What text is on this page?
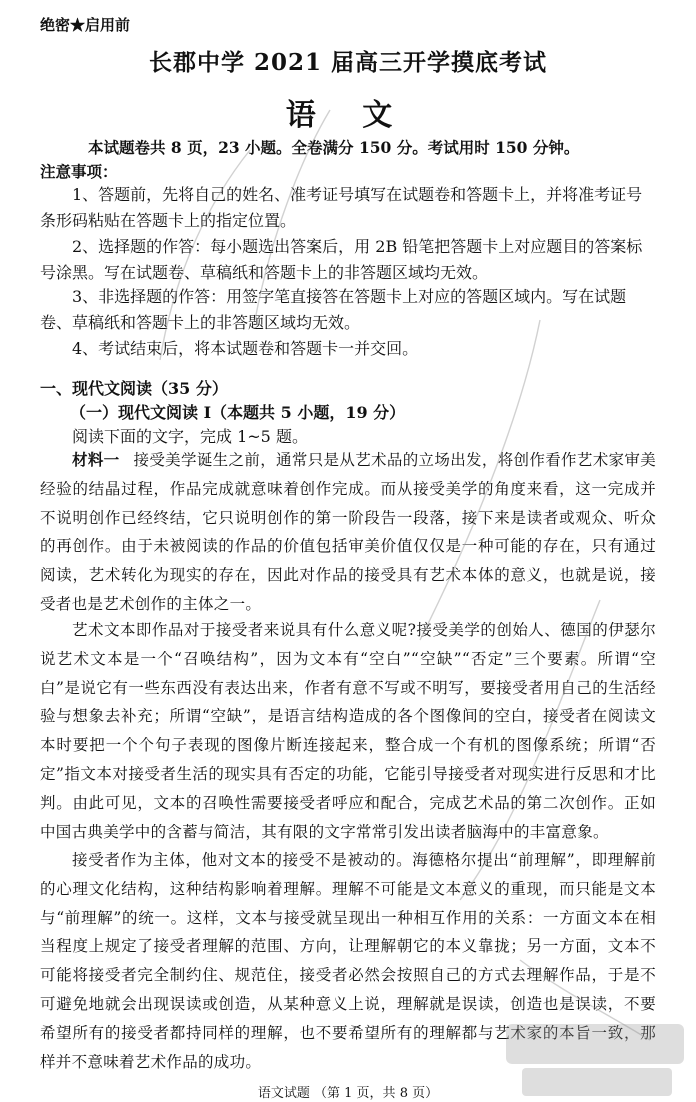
绝密★启用前
长郡中学 2021 届高三开学摸底考试
语 文
本试题卷共 8 页，23 小题。全卷满分 150 分。考试用时 150 分钟。
注意事项：
1、答题前，先将自己的姓名、准考证号填写在试题卷和答题卡上，并将准考证号条形码粘贴在答题卡上的指定位置。
2、选择题的作答：每小题选出答案后，用 2B 铅笔把答题卡上对应题目的答案标号涂黑。写在试题卷、草稿纸和答题卡上的非答题区域均无效。
3、非选择题的作答：用签字笔直接答在答题卡上对应的答题区域内。写在试题卷、草稿纸和答题卡上的非答题区域均无效。
4、考试结束后，将本试题卷和答题卡一并交回。
一、现代文阅读（35 分）
（一）现代文阅读 I（本题共 5 小题，19 分）
阅读下面的文字，完成 1~5 题。
材料一 接受美学诞生之前，通常只是从艺术品的立场出发，将创作看作艺术家审美经验的结晶过程，作品完成就意味着创作完成。而从接受美学的角度来看，这一完成并不说明创作已经终结，它只说明创作的第一阶段告一段落，接下来是读者或观众、听众的再创作。由于未被阅读的作品的价值包括审美价值仅仅是一种可能的存在，只有通过阅读，艺术转化为现实的存在，因此对作品的接受具有艺术本体的意义，也就是说，接受者也是艺术创作的主体之一。
艺术文本即作品对于接受者来说具有什么意义呢?接受美学的创始人、德国的伊瑟尔说艺术文本是一个“召唤结构”，因为文本有“空白”“空缺”“否定”三个要素。所谓“空白”是说它有一些东西没有表达出来，作者有意不写或不明写，要接受者用自己的生活经验与想象去补充；所谓“空缺”，是语言结构造成的各个图像间的空白，接受者在阅读文本时要把一个个句子表现的图像片断连接起来，整合成一个有机的图像系统；所谓“否定”指文本对接受者生活的现实具有否定的功能，它能引导接受者对现实进行反思和才比判。由此可见，文本的召唤性需要接受者呼应和配合，完成艺术品的第二次创作。正如中国古典美学中的含蓄与简洁，其有限的文字常常引发出读者脑海中的丰富意象。
接受者作为主体，他对文本的接受不是被动的。海德格尔提出“前理解”，即理解前的心理文化结构，这种结构影响着理解。理解不可能是文本意义的重现，而只能是文本与“前理解”的统一。这样，文本与接受就呈现出一种相互作用的关系：一方面文本在相当程度上规定了接受者理解的范围、方向，让理解朝它的本义靠拢；另一方面，文本不可能将接受者完全制约住、规范住，接受者必然会按照自己的方式去理解作品，于是不可避免地就会出现误读或创造，从某种意义上说，理解就是误读，创造也是误读，不要希望所有的接受者都持同样的理解，也不要希望所有的理解都与艺术家的本旨一致，那样并不意味着艺术作品的成功。
语文试题 （第 1 页，共 8 页）
